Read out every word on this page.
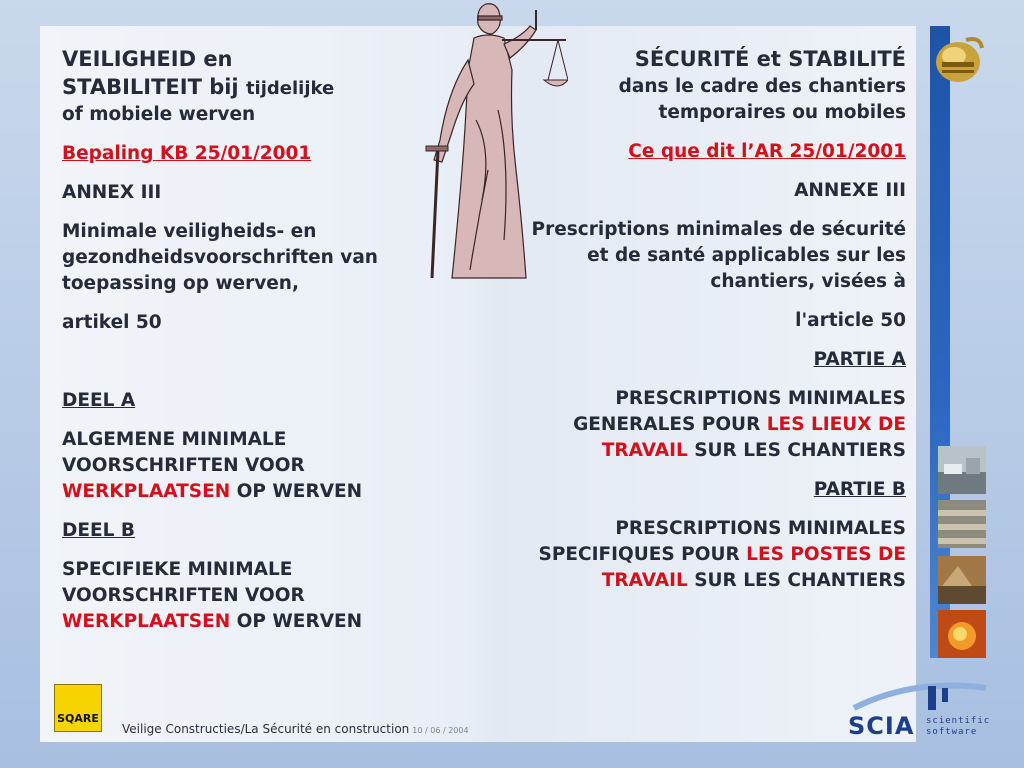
VEILIGHEID en
STABILITEIT bij tijdelijke
of mobiele werven

Bepaling KB 25/01/2001

ANNEX III

Minimale veiligheids- en gezondheidsvoorschriften van toepassing op werven,

artikel 50

DEEL A

ALGEMENE MINIMALE VOORSCHRIFTEN VOOR WERKPLAATSEN OP WERVEN

DEEL B

SPECIFIEKE MINIMALE VOORSCHRIFTEN VOOR WERKPLAATSEN OP WERVEN

SÉCURITÉ et STABILITÉ
dans le cadre des chantiers temporaires ou mobiles

Ce que dit l’AR 25/01/2001

ANNEXE III

Prescriptions minimales de sécurité et de santé applicables sur les chantiers, visées à

l'article 50

PARTIE A

PRESCRIPTIONS MINIMALES GENERALES POUR LES LIEUX DE TRAVAIL SUR LES CHANTIERS

PARTIE B

PRESCRIPTIONS MINIMALES SPECIFIQUES POUR LES POSTES DE TRAVAIL SUR LES CHANTIERS

SQARE
Veilige Constructies/La Sécurité en construction 10 / 06 / 2004	SCIA scientific
software
